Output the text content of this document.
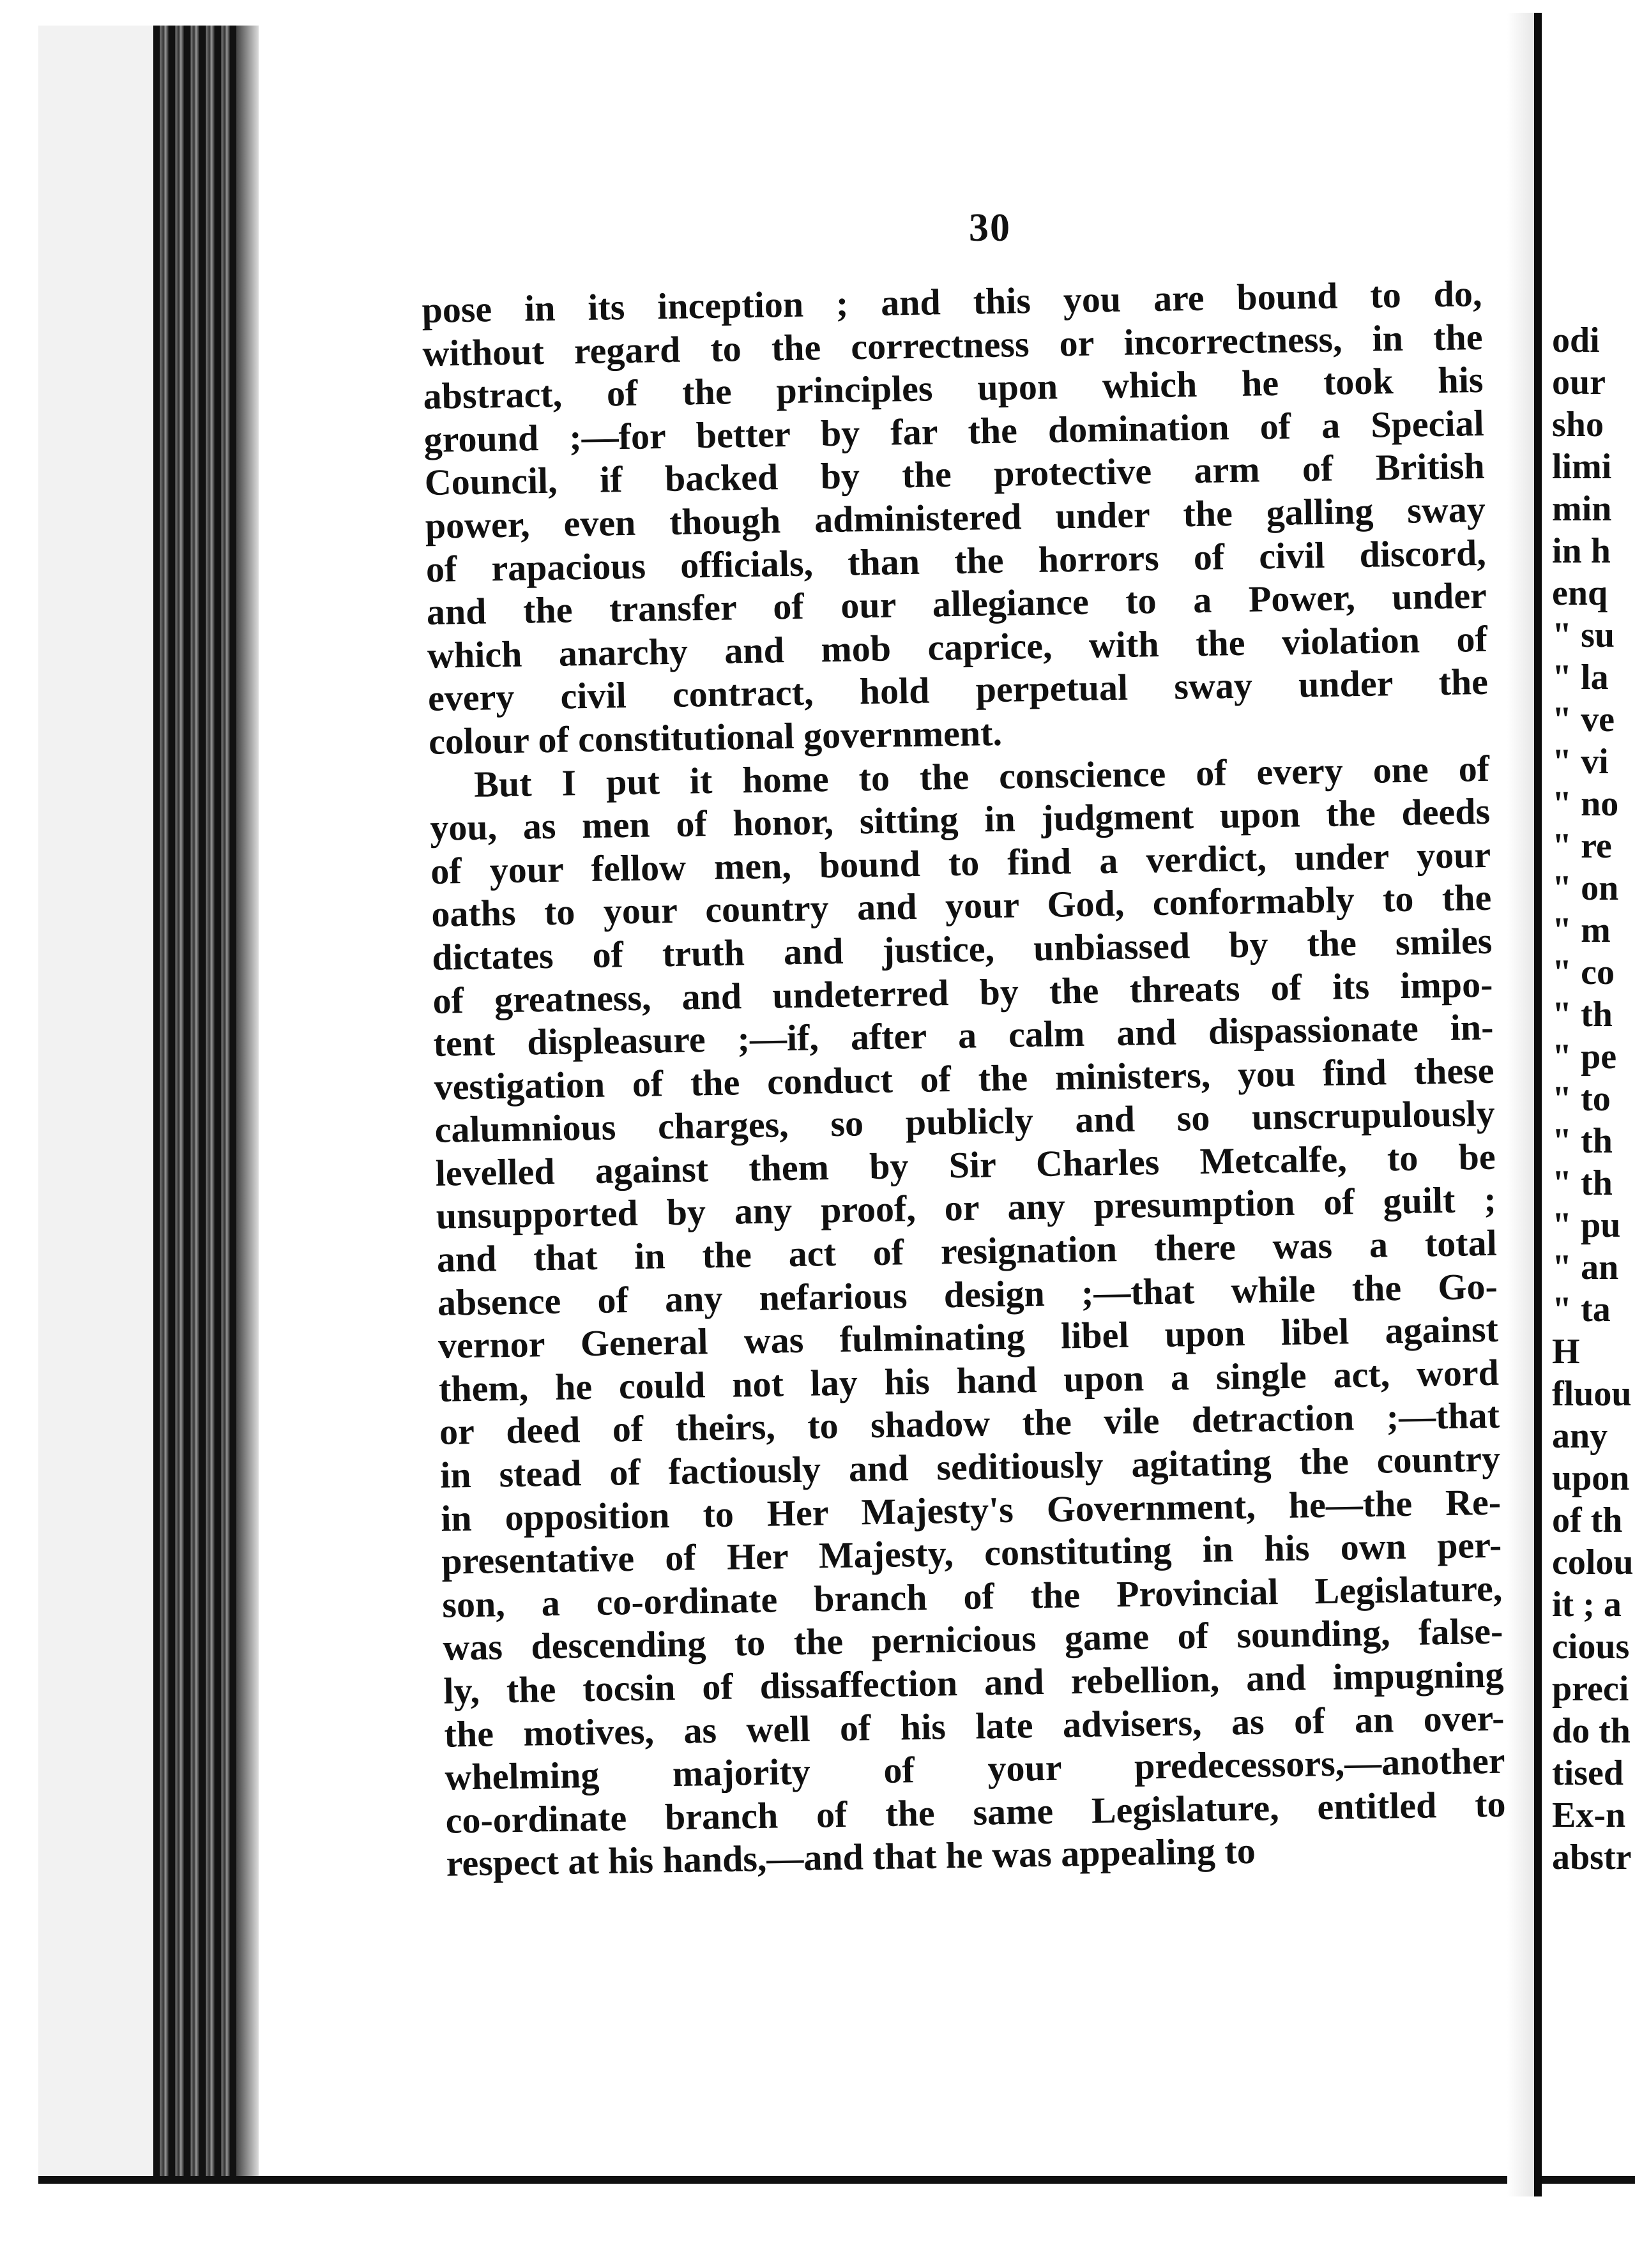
30
pose in its inception ; and this you are bound to do,
without regard to the correctness or incorrectness, in the
abstract, of the principles upon which he took his
ground ;—for better by far the domination of a Special
Council, if backed by the protective arm of British
power, even though administered under the galling sway
of rapacious officials, than the horrors of civil discord,
and the transfer of our allegiance to a Power, under
which anarchy and mob caprice, with the violation of
every civil contract, hold perpetual sway under the
colour of constitutional government.
But I put it home to the conscience of every one of
you, as men of honor, sitting in judgment upon the deeds
of your fellow men, bound to find a verdict, under your
oaths to your country and your God, conformably to the
dictates of truth and justice, unbiassed by the smiles
of greatness, and undeterred by the threats of its impo-
tent displeasure ;—if, after a calm and dispassionate in-
vestigation of the conduct of the ministers, you find these
calumnious charges, so publicly and so unscrupulously
levelled against them by Sir Charles Metcalfe, to be
unsupported by any proof, or any presumption of guilt ;
and that in the act of resignation there was a total
absence of any nefarious design ;—that while the Go-
vernor General was fulminating libel upon libel against
them, he could not lay his hand upon a single act, word
or deed of theirs, to shadow the vile detraction ;—that
in stead of factiously and seditiously agitating the country
in opposition to Her Majesty's Government, he—the Re-
presentative of Her Majesty, constituting in his own per-
son, a co-ordinate branch of the Provincial Legislature,
was descending to the pernicious game of sounding, false-
ly, the tocsin of dissaffection and rebellion, and impugning
the motives, as well of his late advisers, as of an over-
whelming majority of your predecessors,—another
co-ordinate branch of the same Legislature, entitled to
respect at his hands,—and that he was appealing to
odi
our
sho
limi
min
in h
enq
" su
" la
" ve
" vi
" no
" re
" on
" m
" co
" th
" pe
" to
" th
" th
" pu
" an
" ta
H
fluou
any
upon
of th
colou
it ; a
cious
preci
do th
tised
Ex-n
abstr
